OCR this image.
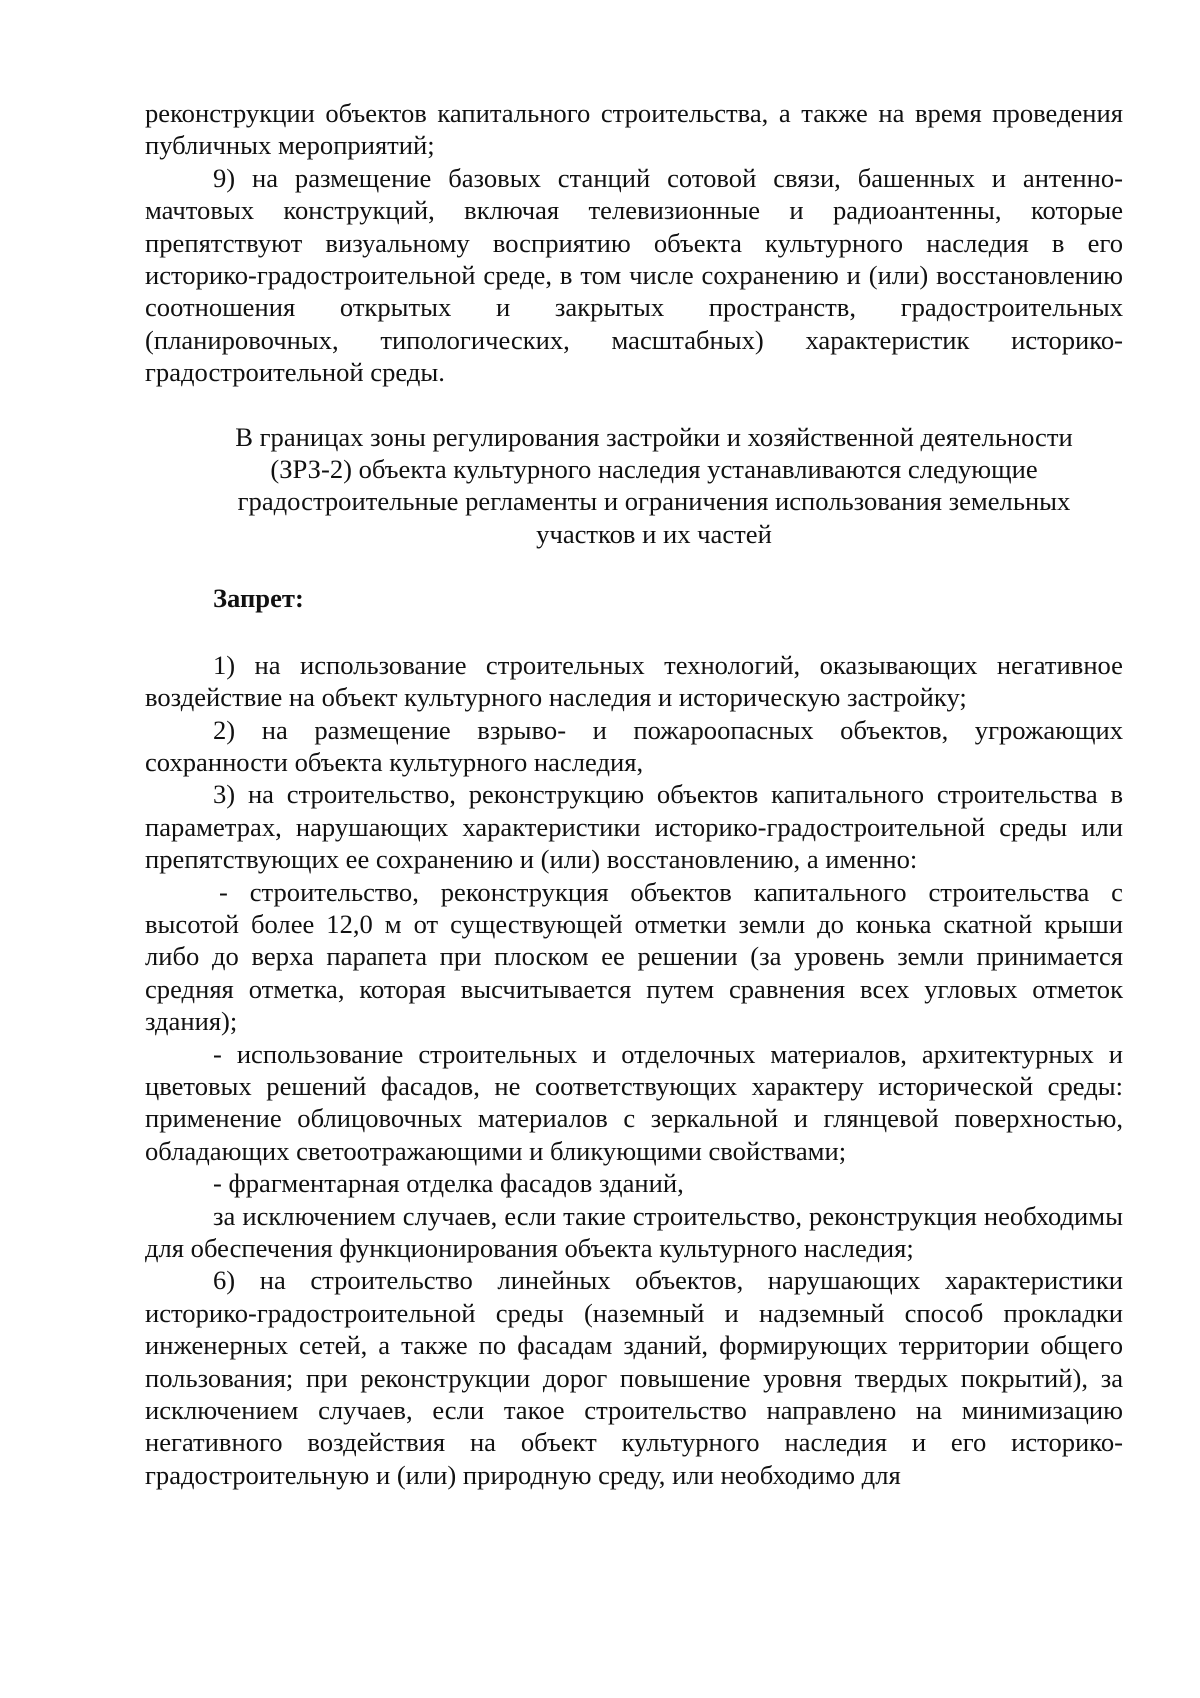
реконструкции объектов капитального строительства, а также на время проведения публичных мероприятий;

9) на размещение базовых станций сотовой связи, башенных и антенно-мачтовых конструкций, включая телевизионные и радиоантенны, которые препятствуют визуальному восприятию объекта культурного наследия в его историко-градостроительной среде, в том числе сохранению и (или) восстановлению соотношения открытых и закрытых пространств, градостроительных (планировочных, типологических, масштабных) характеристик историко-градостроительной среды.

В границах зоны регулирования застройки и хозяйственной деятельности
(ЗРЗ-2) объекта культурного наследия устанавливаются следующие
градостроительные регламенты и ограничения использования земельных
участков и их частей

Запрет:

1) на использование строительных технологий, оказывающих негативное воздействие на объект культурного наследия и историческую застройку;

2) на размещение взрыво- и пожароопасных объектов, угрожающих сохранности объекта культурного наследия,

3) на строительство, реконструкцию объектов капитального строительства в параметрах, нарушающих характеристики историко-градостроительной среды или препятствующих ее сохранению и (или) восстановлению, а именно:

- строительство, реконструкция объектов капитального строительства с высотой более 12,0 м от существующей отметки земли до конька скатной крыши либо до верха парапета при плоском ее решении (за уровень земли принимается средняя отметка, которая высчитывается путем сравнения всех угловых отметок здания);

- использование строительных и отделочных материалов, архитектурных и цветовых решений фасадов, не соответствующих характеру исторической среды: применение облицовочных материалов с зеркальной и глянцевой поверхностью, обладающих светоотражающими и бликующими свойствами;

- фрагментарная отделка фасадов зданий,

за исключением случаев, если такие строительство, реконструкция необходимы для обеспечения функционирования объекта культурного наследия;

6) на строительство линейных объектов, нарушающих характеристики историко-градостроительной среды (наземный и надземный способ прокладки инженерных сетей, а также по фасадам зданий, формирующих территории общего пользования; при реконструкции дорог повышение уровня твердых покрытий), за исключением случаев, если такое строительство направлено на минимизацию негативного воздействия на объект культурного наследия и его историко-градостроительную и (или) природную среду, или необходимо для
